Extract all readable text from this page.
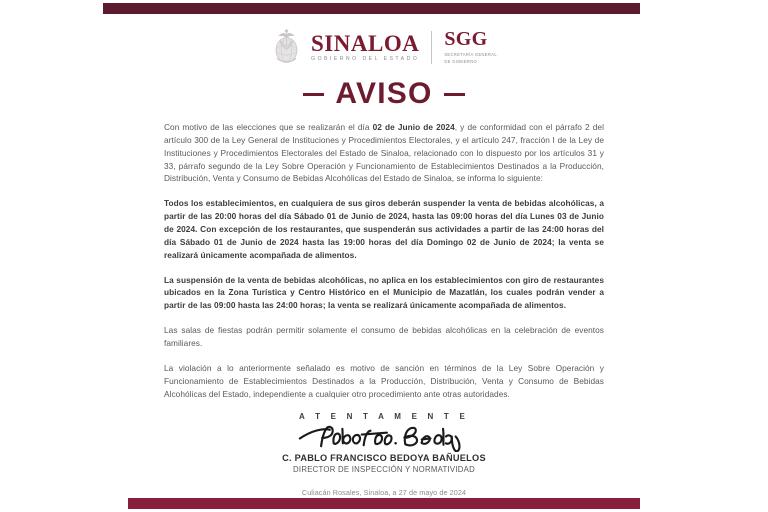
SINALOA
GOBIERNO DEL ESTADO
SGG
SECRETARÍA GENERAL
DE GOBIERNO
AVISO

Con motivo de las elecciones que se realizarán el día 02 de Junio de 2024, y de conformidad con el párrafo 2 del artículo 300 de la Ley General de Instituciones y Procedimientos Electorales, y el artículo 247, fracción I de la Ley de Instituciones y Procedimientos Electorales del Estado de Sinaloa, relacionado con lo dispuesto por los artículos 31 y 33, párrafo segundo de la Ley Sobre Operación y Funcionamiento de Establecimientos Destinados a la Producción, Distribución, Venta y Consumo de Bebidas Alcohólicas del Estado de Sinaloa, se informa lo siguiente:

Todos los establecimientos, en cualquiera de sus giros deberán suspender la venta de bebidas alcohólicas, a partir de las 20:00 horas del día Sábado 01 de Junio de 2024, hasta las 09:00 horas del día Lunes 03 de Junio de 2024. Con excepción de los restaurantes, que suspenderán sus actividades a partir de las 24:00 horas del día Sábado 01 de Junio de 2024 hasta las 19:00 horas del día Domingo 02 de Junio de 2024; la venta se realizará únicamente acompañada de alimentos.

La suspensión de la venta de bebidas alcohólicas, no aplica en los establecimientos con giro de restaurantes ubicados en la Zona Turística y Centro Histórico en el Municipio de Mazatlán, los cuales podrán vender a partir de las 09:00 hasta las 24:00 horas; la venta se realizará únicamente acompañada de alimentos.

Las salas de fiestas podrán permitir solamente el consumo de bebidas alcohólicas en la celebración de eventos familiares.

La violación a lo anteriormente señalado es motivo de sanción en términos de la Ley Sobre Operación y Funcionamiento de Establecimientos Destinados a la Producción, Distribución, Venta y Consumo de Bebidas Alcohólicas del Estado, independiente a cualquier otro procedimiento ante otras autoridades.

A T E N T A M E N T E
C. PABLO FRANCISCO BEDOYA BAÑUELOS
DIRECTOR DE INSPECCIÓN Y NORMATIVIDAD
Culiacán Rosales, Sinaloa, a 27 de mayo de 2024
